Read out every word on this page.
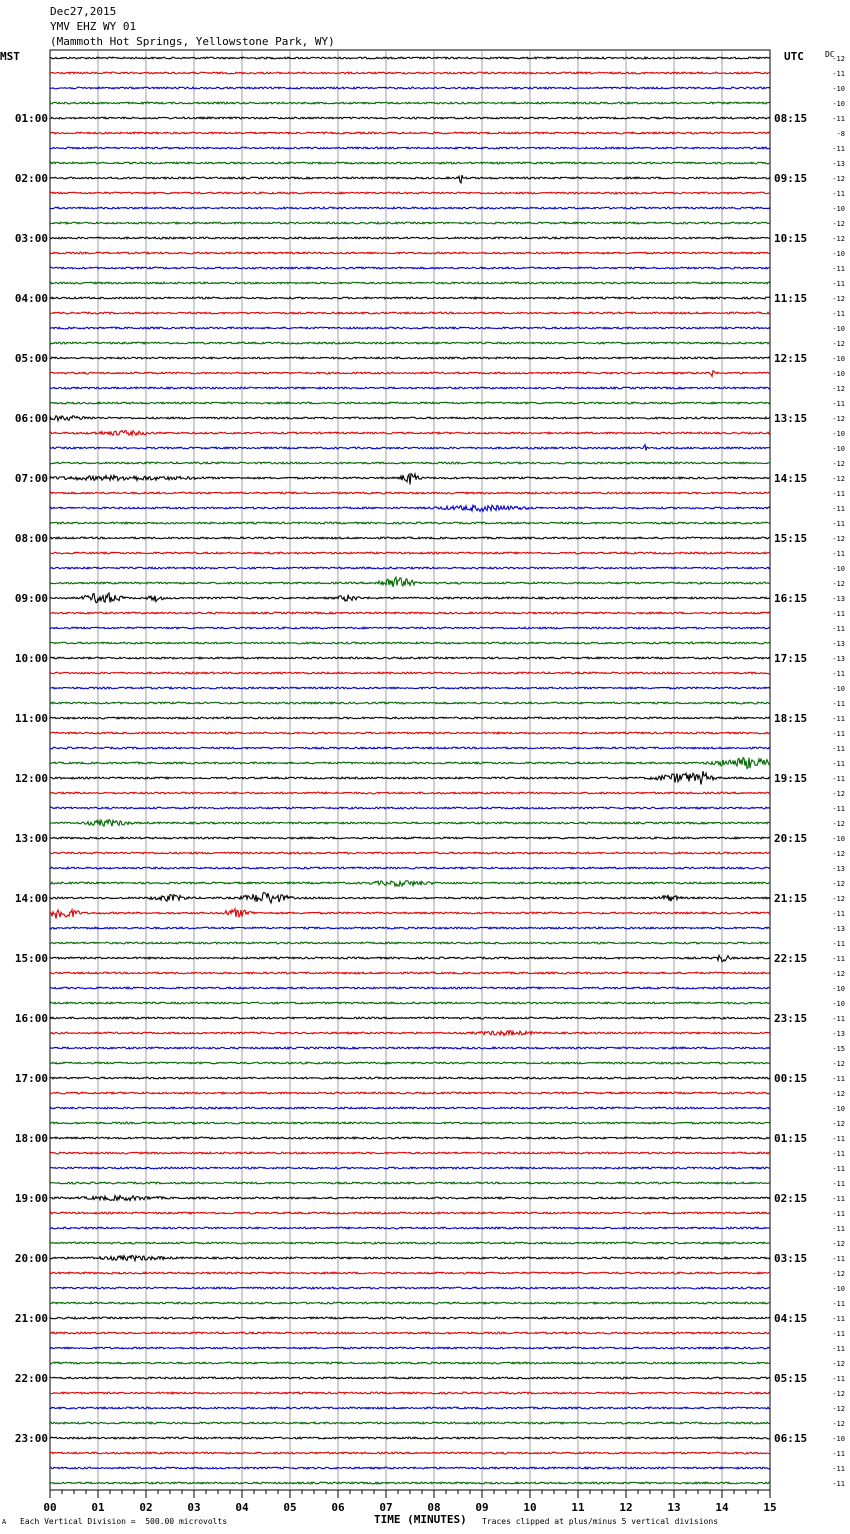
Dec27,2015
YMV EHZ WY 01
(Mammoth Hot Springs, Yellowstone Park, WY)
MST	UTC	DC
00	01	02	03	04	05	06	07	08	09	10	11	12	13	14	15
-12
-11
-10
-10
-11
-8
-11
-13
-12
-11
-10
-12
-12
-10
-11
-11
-12
-11
-10
-12
-10
-10
-12
-11
-12
-10
-10
-12
-12
-11
-11
-11
-12
-11
-10
-12
-13
-11
-11
-13
-13
-11
-10
-11
-11
-11
-11
-11
-11
-12
-11
-12
-10
-12
-13
-12
-12
-11
-13
-11
-11
-12
-10
-10
-11
-13
-15
-12
-11
-12
-10
-12
-11
-11
-11
-11
-11
-11
-11
-12
-11
-12
-10
-11
-11
-11
-11
-12
-11
-12
-12
-12
-10
-11
-11
-11
01:00	08:15
02:00	09:15
03:00	10:15
04:00	11:15
05:00	12:15
06:00	13:15
07:00	14:15
08:00	15:15
09:00	16:15
10:00	17:15
11:00	18:15
12:00	19:15
13:00	20:15
14:00	21:15
15:00	22:15
16:00	23:15
17:00	00:15
18:00	01:15
19:00	02:15
20:00	03:15
21:00	04:15
22:00	05:15
23:00	06:15
A Each Vertical Division =  500.00 microvolts	TIME (MINUTES) Traces clipped at plus/minus 5 vertical divisions
